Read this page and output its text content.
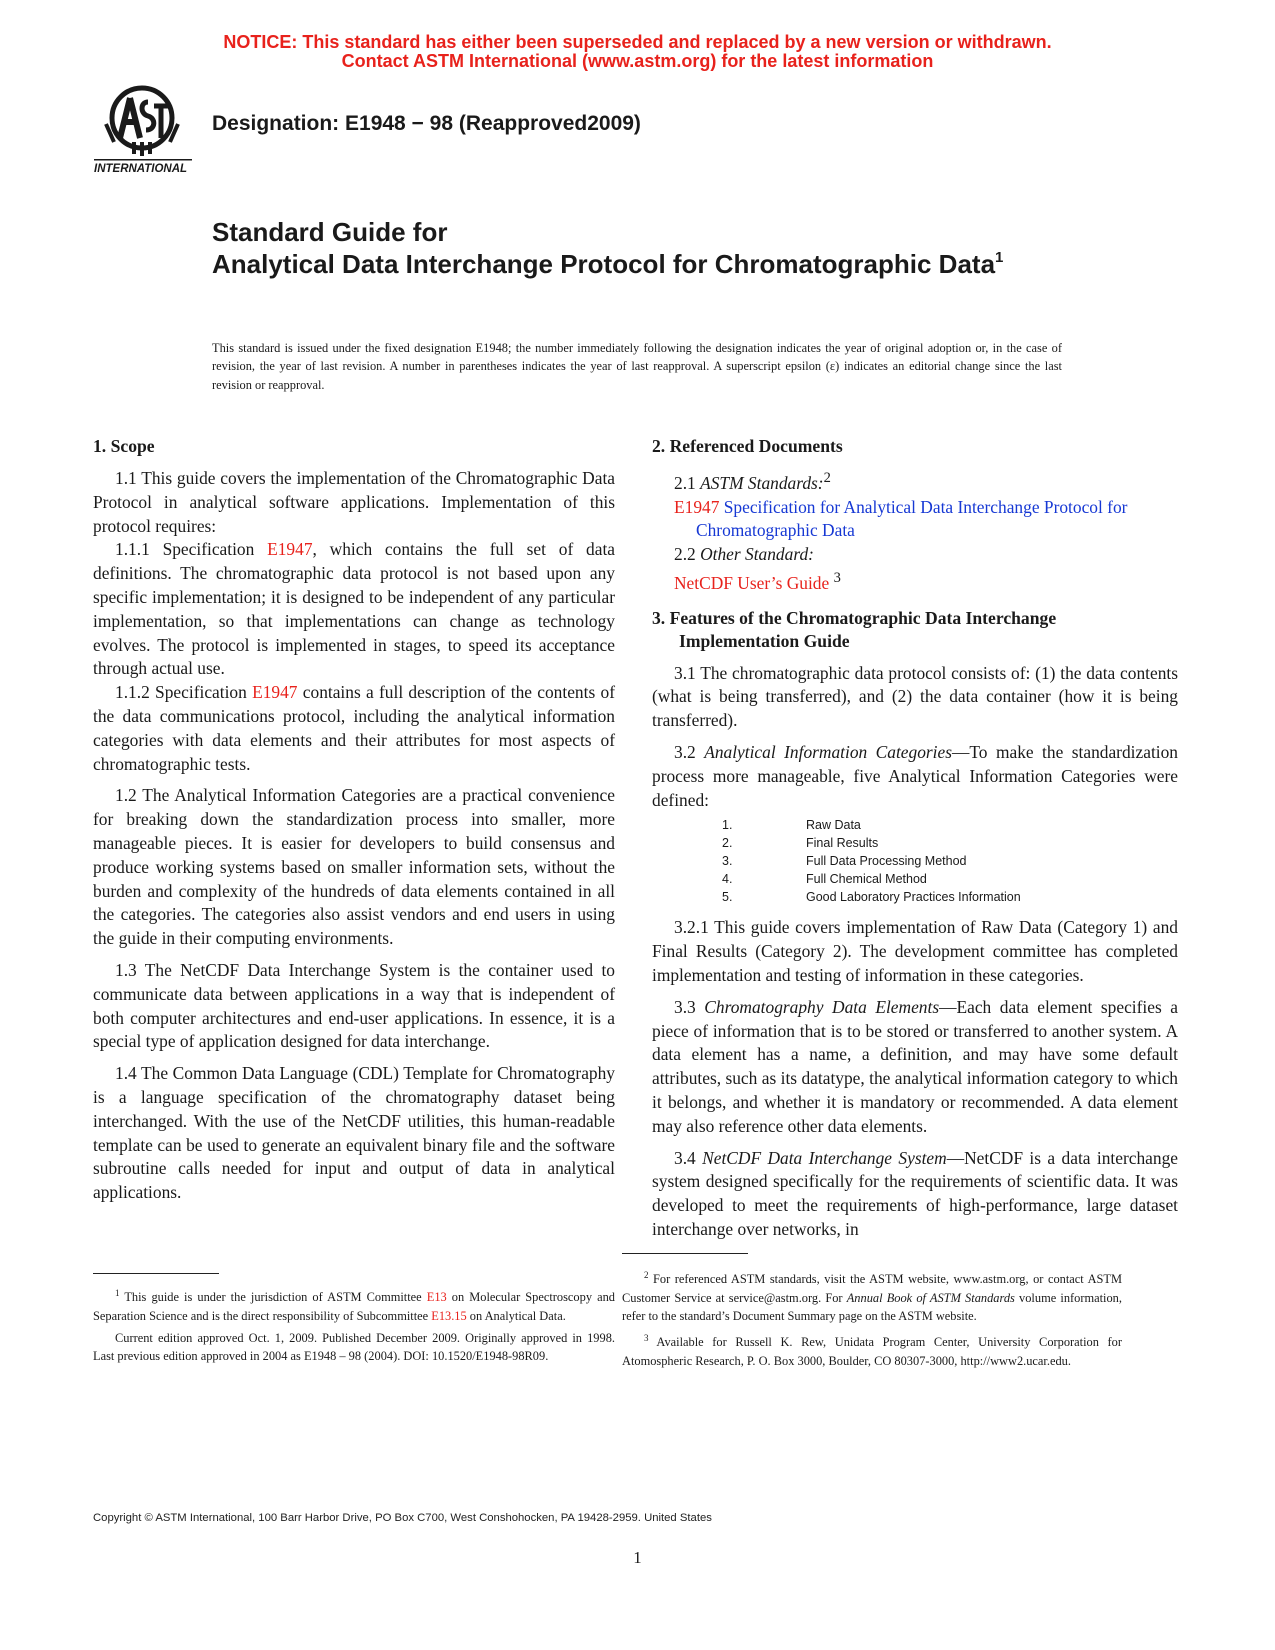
NOTICE: This standard has either been superseded and replaced by a new version or withdrawn.
Contact ASTM International (www.astm.org) for the latest information
INTERNATIONAL
Designation: E1948 − 98 (Reapproved2009)
Standard Guide for
Analytical Data Interchange Protocol for Chromatographic Data$^1$
This standard is issued under the fixed designation E1948; the number immediately following the designation indicates the year of original adoption or, in the case of revision, the year of last revision. A number in parentheses indicates the year of last reapproval. A superscript epsilon (ε) indicates an editorial change since the last revision or reapproval.
1. Scope

1.1 This guide covers the implementation of the Chromatographic Data Protocol in analytical software applications. Implementation of this protocol requires:

1.1.1 Specification E1947, which contains the full set of data definitions. The chromatographic data protocol is not based upon any specific implementation; it is designed to be independent of any particular implementation, so that implementations can change as technology evolves. The protocol is implemented in stages, to speed its acceptance through actual use.

1.1.2 Specification E1947 contains a full description of the contents of the data communications protocol, including the analytical information categories with data elements and their attributes for most aspects of chromatographic tests.

1.2 The Analytical Information Categories are a practical convenience for breaking down the standardization process into smaller, more manageable pieces. It is easier for developers to build consensus and produce working systems based on smaller information sets, without the burden and complexity of the hundreds of data elements contained in all the categories. The categories also assist vendors and end users in using the guide in their computing environments.

1.3 The NetCDF Data Interchange System is the container used to communicate data between applications in a way that is independent of both computer architectures and end-user applications. In essence, it is a special type of application designed for data interchange.

1.4 The Common Data Language (CDL) Template for Chromatography is a language specification of the chromatography dataset being interchanged. With the use of the NetCDF utilities, this human-readable template can be used to generate an equivalent binary file and the software subroutine calls needed for input and output of data in analytical applications.

2. Referenced Documents

2.1 ASTM Standards:$^2$

E1947 Specification for Analytical Data Interchange Protocol for Chromatographic Data

2.2 Other Standard:

NetCDF User’s Guide $^3$

3. Features of the Chromatographic Data Interchange Implementation Guide

3.1 The chromatographic data protocol consists of: (1) the data contents (what is being transferred), and (2) the data container (how it is being transferred).

3.2 Analytical Information Categories—To make the standardization process more manageable, five Analytical Information Categories were defined:

1.	Raw Data
2.	Final Results
3.	Full Data Processing Method
4.	Full Chemical Method
5.	Good Laboratory Practices Information

3.2.1 This guide covers implementation of Raw Data (Category 1) and Final Results (Category 2). The development committee has completed implementation and testing of information in these categories.

3.3 Chromatography Data Elements—Each data element specifies a piece of information that is to be stored or transferred to another system. A data element has a name, a definition, and may have some default attributes, such as its datatype, the analytical information category to which it belongs, and whether it is mandatory or recommended. A data element may also reference other data elements.

3.4 NetCDF Data Interchange System—NetCDF is a data interchange system designed specifically for the requirements of scientific data. It was developed to meet the requirements of high-performance, large dataset interchange over networks, in

$^1$ This guide is under the jurisdiction of ASTM Committee E13 on Molecular Spectroscopy and Separation Science and is the direct responsibility of Subcommittee E13.15 on Analytical Data.

Current edition approved Oct. 1, 2009. Published December 2009. Originally approved in 1998. Last previous edition approved in 2004 as E1948 – 98 (2004). DOI: 10.1520/E1948-98R09.

$^2$ For referenced ASTM standards, visit the ASTM website, www.astm.org, or contact ASTM Customer Service at service@astm.org. For Annual Book of ASTM Standards volume information, refer to the standard’s Document Summary page on the ASTM website.

$^3$ Available for Russell K. Rew, Unidata Program Center, University Corporation for Atomospheric Research, P. O. Box 3000, Boulder, CO 80307-3000, http://www2.ucar.edu.

Copyright © ASTM International, 100 Barr Harbor Drive, PO Box C700, West Conshohocken, PA 19428-2959. United States
1
